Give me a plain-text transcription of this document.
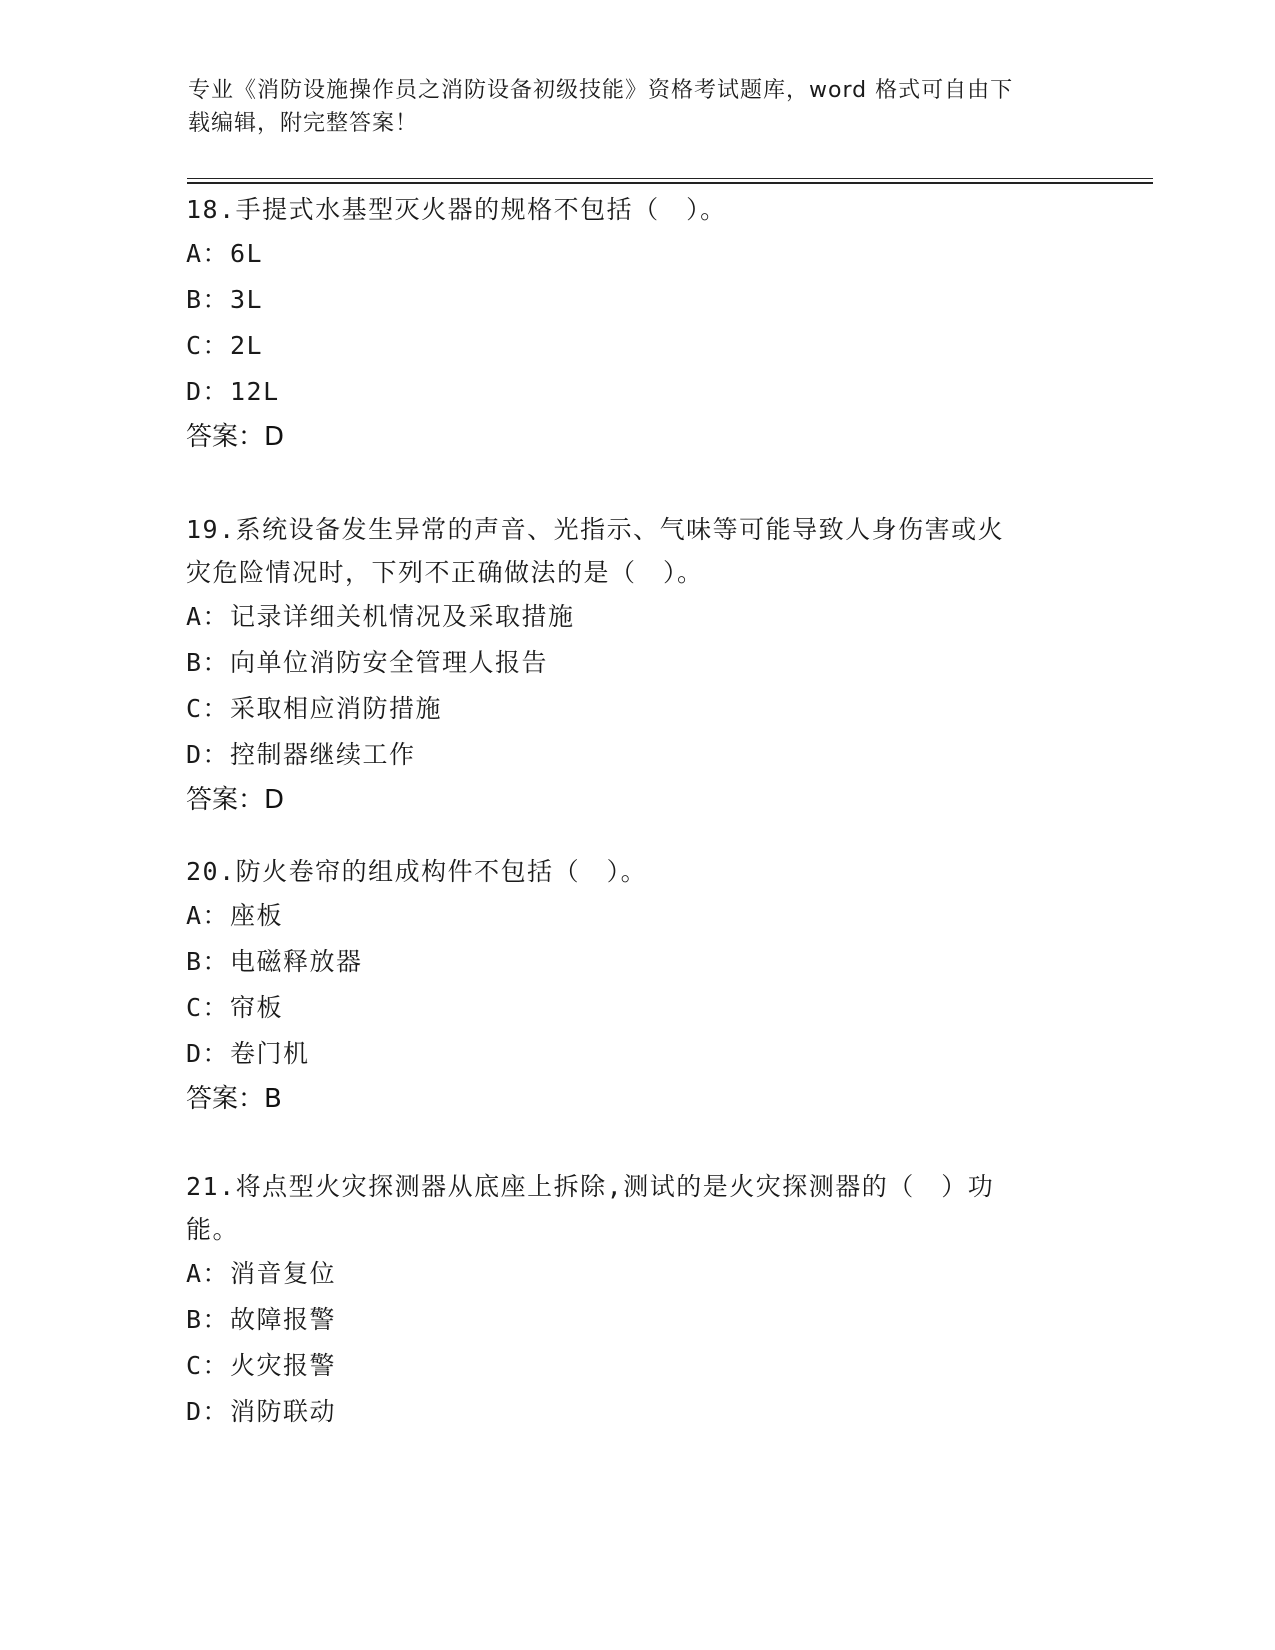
专业《消防设施操作员之消防设备初级技能》资格考试题库，word 格式可自由下
载编辑，附完整答案！

18.手提式水基型灭火器的规格不包括（　）。

A： 6L
B： 3L
C： 2L
D： 12L
答案：D

19.系统设备发生异常的声音、光指示、气味等可能导致人身伤害或火

灾危险情况时，下列不正确做法的是（　）。

A： 记录详细关机情况及采取措施
B： 向单位消防安全管理人报告
C： 采取相应消防措施
D： 控制器继续工作
答案：D

20.防火卷帘的组成构件不包括（　）。

A： 座板
B： 电磁释放器
C： 帘板
D： 卷门机
答案：B

21.将点型火灾探测器从底座上拆除,测试的是火灾探测器的（　）功

能。

A： 消音复位
B： 故障报警
C： 火灾报警
D： 消防联动
